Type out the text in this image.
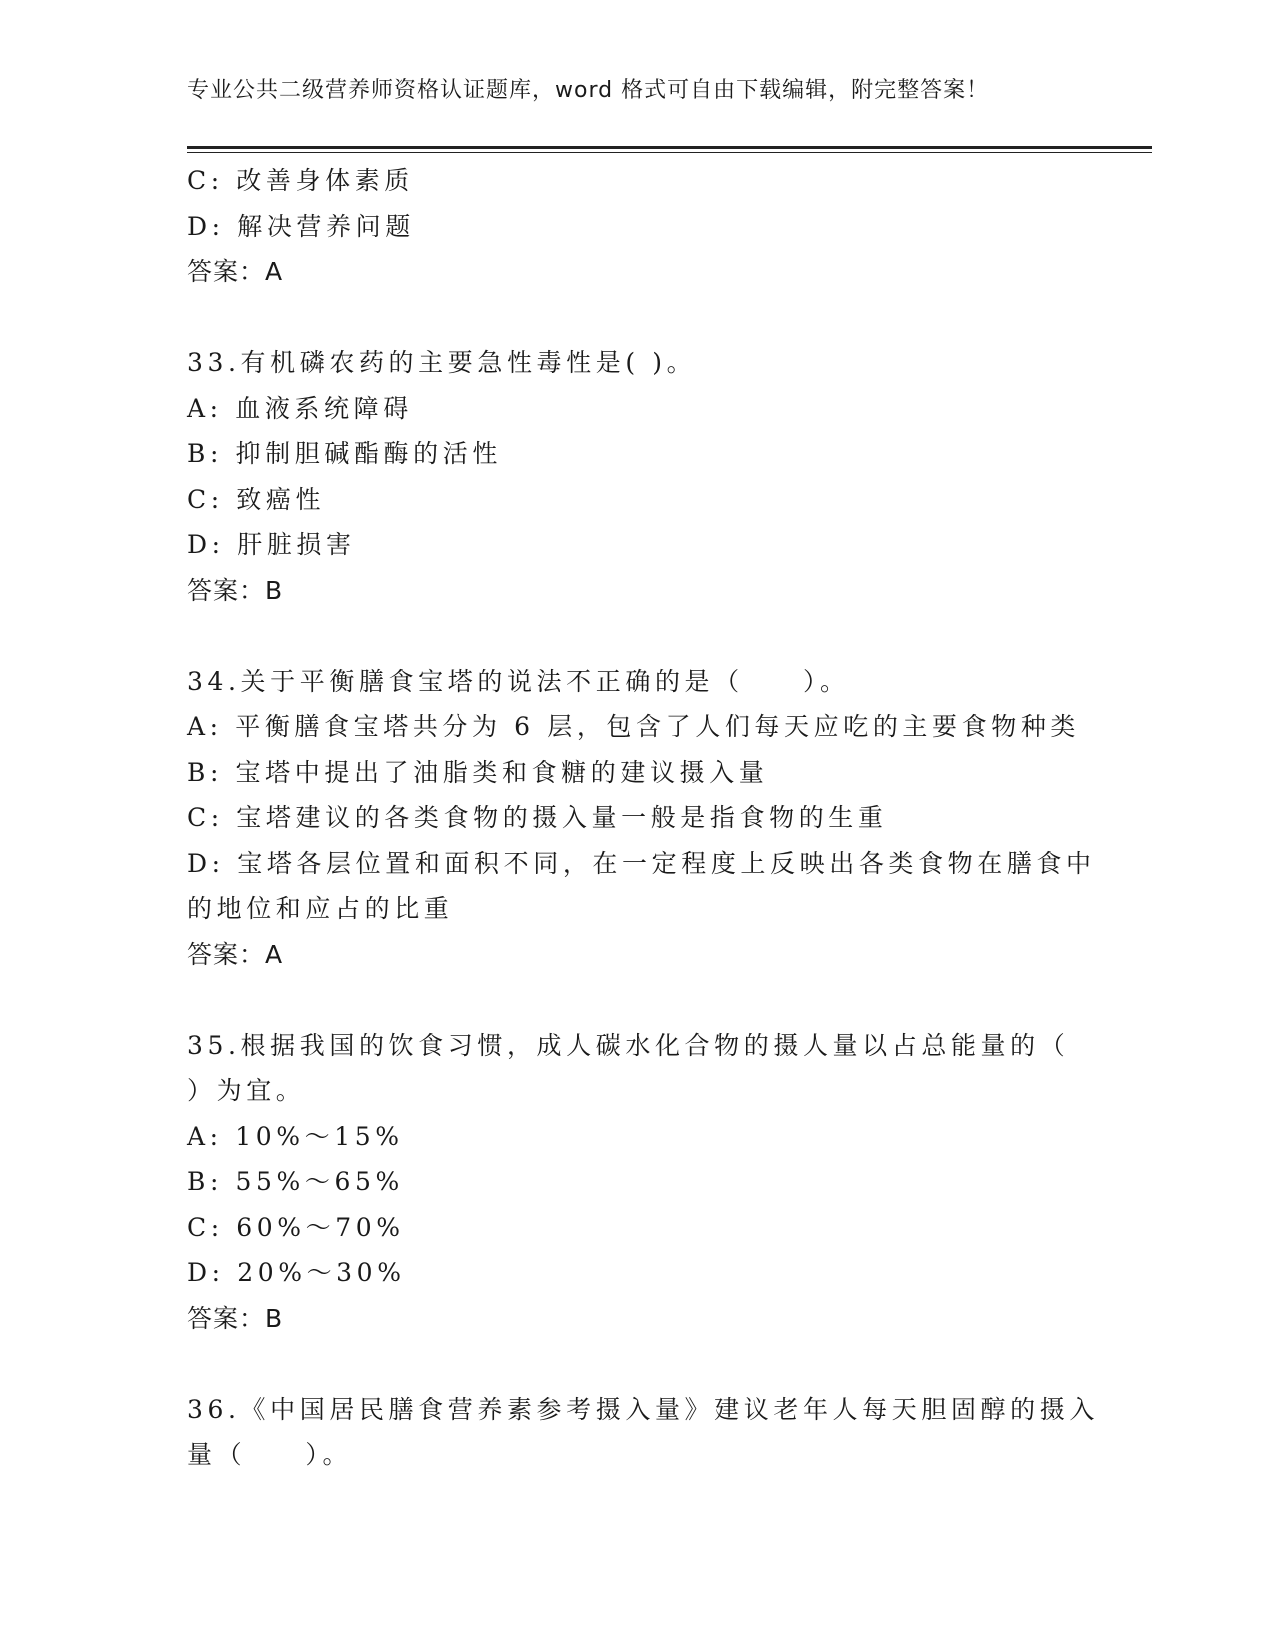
专业公共二级营养师资格认证题库，word 格式可自由下载编辑，附完整答案！
C: 改善身体素质
D: 解决营养问题
答案：A
33.有机磷农药的主要急性毒性是( )。
A: 血液系统障碍
B: 抑制胆碱酯酶的活性
C: 致癌性
D: 肝脏损害
答案：B
34.关于平衡膳食宝塔的说法不正确的是（　　）。
A: 平衡膳食宝塔共分为 6 层，包含了人们每天应吃的主要食物种类
B: 宝塔中提出了油脂类和食糖的建议摄入量
C: 宝塔建议的各类食物的摄入量一般是指食物的生重
D: 宝塔各层位置和面积不同，在一定程度上反映出各类食物在膳食中
的地位和应占的比重
答案：A
35.根据我国的饮食习惯，成人碳水化合物的摄人量以占总能量的（
）为宜。
A: 10%～15%
B: 55%～65%
C: 60%～70%
D: 20%～30%
答案：B
36.《中国居民膳食营养素参考摄入量》建议老年人每天胆固醇的摄入
量（　　）。
